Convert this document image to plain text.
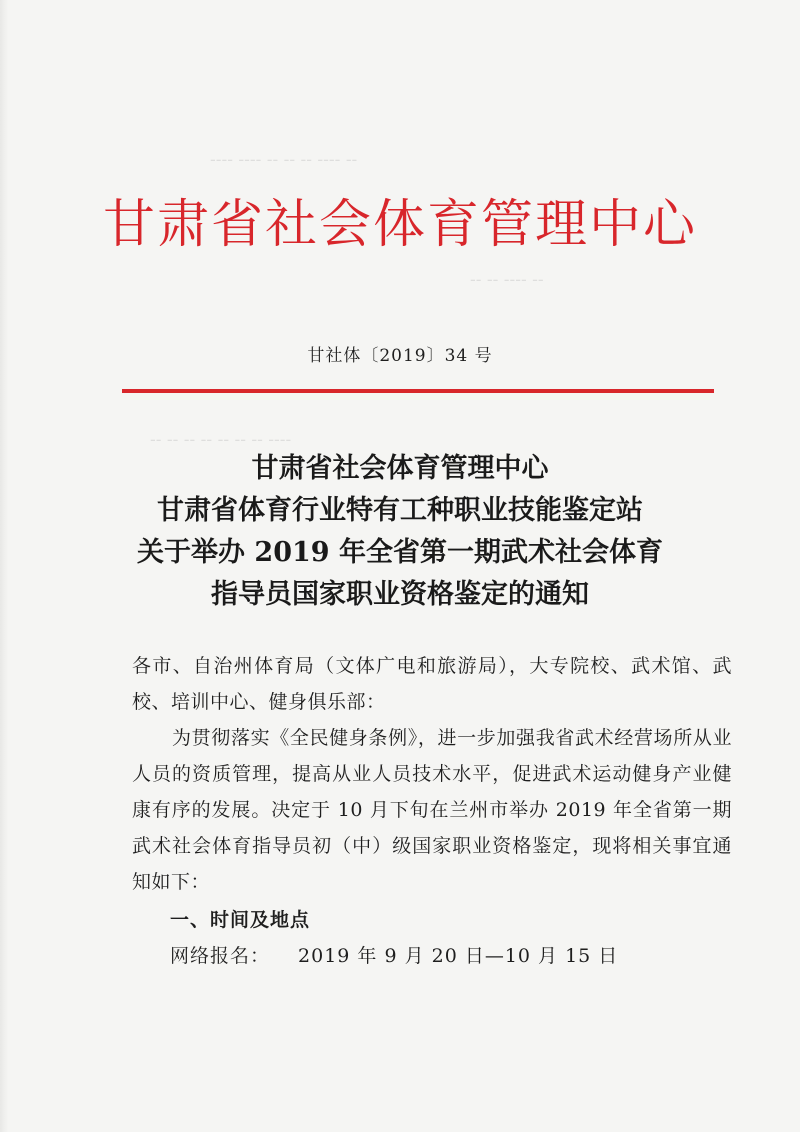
---- ---- -- -- -- ---- --
-- -- ---- --
-- -- -- -- -- -- -- ----
甘肃省社会体育管理中心
甘社体〔2019〕34 号
甘肃省社会体育管理中心
甘肃省体育行业特有工种职业技能鉴定站
关于举办 2019 年全省第一期武术社会体育
指导员国家职业资格鉴定的通知

各市、自治州体育局（文体广电和旅游局），大专院校、武术馆、武校、培训中心、健身俱乐部：

为贯彻落实《全民健身条例》，进一步加强我省武术经营场所从业人员的资质管理，提高从业人员技术水平，促进武术运动健身产业健康有序的发展。决定于 10 月下旬在兰州市举办 2019 年全省第一期武术社会体育指导员初（中）级国家职业资格鉴定，现将相关事宜通知如下：

一、时间及地点
网络报名： 2019 年 9 月 20 日—10 月 15 日
